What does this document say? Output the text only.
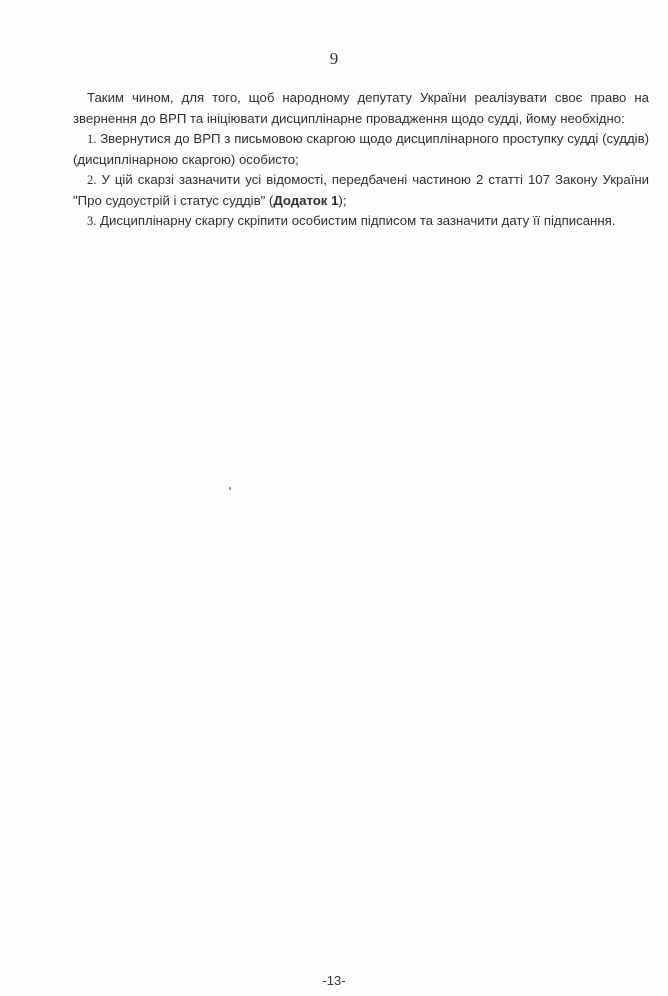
9

Таким чином, для того, щоб народному депутату України реалізувати своє право на звернення до ВРП та ініціювати дисциплінарне провадження щодо судді, йому необхідно:

1. Звернутися до ВРП з письмовою скаргою щодо дисциплінарного проступку судді (суддів) (дисциплінарною скаргою) особисто;
2. У цій скарзі зазначити усі відомості, передбачені частиною 2 статті 107 Закону України "Про судоустрій і статус суддів" (Додаток 1);
3. Дисциплінарну скаргу скріпити особистим підписом та зазначити дату її підписання.
-13-
